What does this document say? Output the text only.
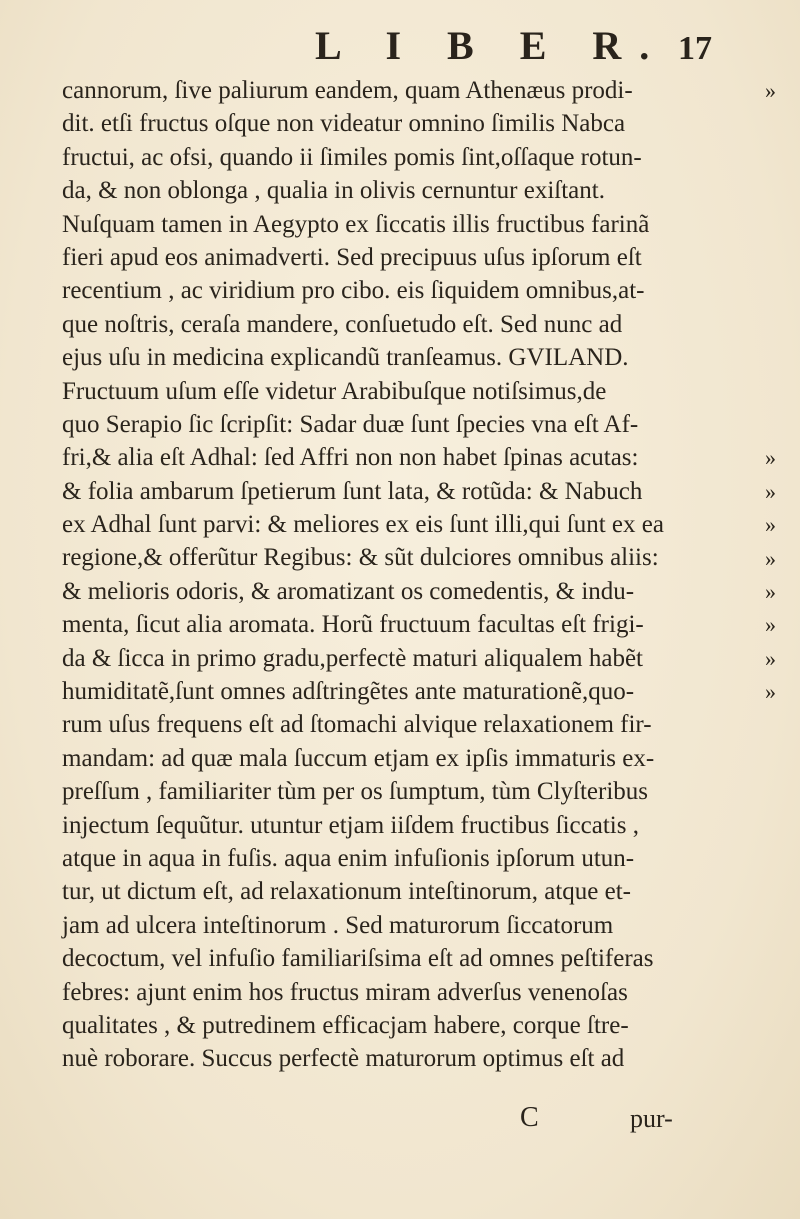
L I B E R. 17
cannorum, ſive paliurum eandem, quam Athenæus prodi-
dit. etſi fructus oſque non videatur omnino ſimilis Nabca
fructui, ac ofsi, quando ii ſimiles pomis ſint,oſſaque rotun-
da, & non oblonga , qualia in olivis cernuntur exiſtant.
Nuſquam tamen in Aegypto ex ſiccatis illis fructibus farinã
fieri apud eos animadverti. Sed precipuus uſus ipſorum eſt
recentium , ac viridium pro cibo. eis ſiquidem omnibus,at-
que noſtris, ceraſa mandere, conſuetudo eſt. Sed nunc ad
ejus uſu in medicina explicandũ tranſeamus. GVILAND.
Fructuum uſum eſſe videtur Arabibuſque notiſsimus,de
quo Serapio ſic ſcripſit: Sadar duæ ſunt ſpecies vna eſt Af-
fri,& alia eſt Adhal: ſed Affri non non habet ſpinas acutas:
& folia ambarum ſpetierum ſunt lata, & rotũda: & Nabuch
ex Adhal ſunt parvi: & meliores ex eis ſunt illi,qui ſunt ex ea
regione,& offerũtur Regibus: & sũt dulciores omnibus aliis:
& melioris odoris, & aromatizant os comedentis, & indu-
menta, ſicut alia aromata. Horũ fructuum facultas eſt frigi-
da & ſicca in primo gradu,perfectè maturi aliqualem habẽt
humiditatẽ,ſunt omnes adſtringẽtes ante maturationẽ,quo-
rum uſus frequens eſt ad ſtomachi alvique relaxationem fir-
mandam: ad quæ mala ſuccum etjam ex ipſis immaturis ex-
preſſum , familiariter tùm per os ſumptum, tùm Clyſteribus
injectum ſequũtur. utuntur etjam iiſdem fructibus ſiccatis ,
atque in aqua in fuſis. aqua enim infuſionis ipſorum utun-
tur, ut dictum eſt, ad relaxationum inteſtinorum, atque et-
jam ad ulcera inteſtinorum . Sed maturorum ſiccatorum
decoctum, vel infuſio familiariſsima eſt ad omnes peſtiferas
febres: ajunt enim hos fructus miram adverſus venenoſas
qualitates , & putredinem efficacjam habere, corque ſtre-
nuè roborare. Succus perfectè maturorum optimus eſt ad
C	pur-
»
»
»
»
»
»
»
»
»
